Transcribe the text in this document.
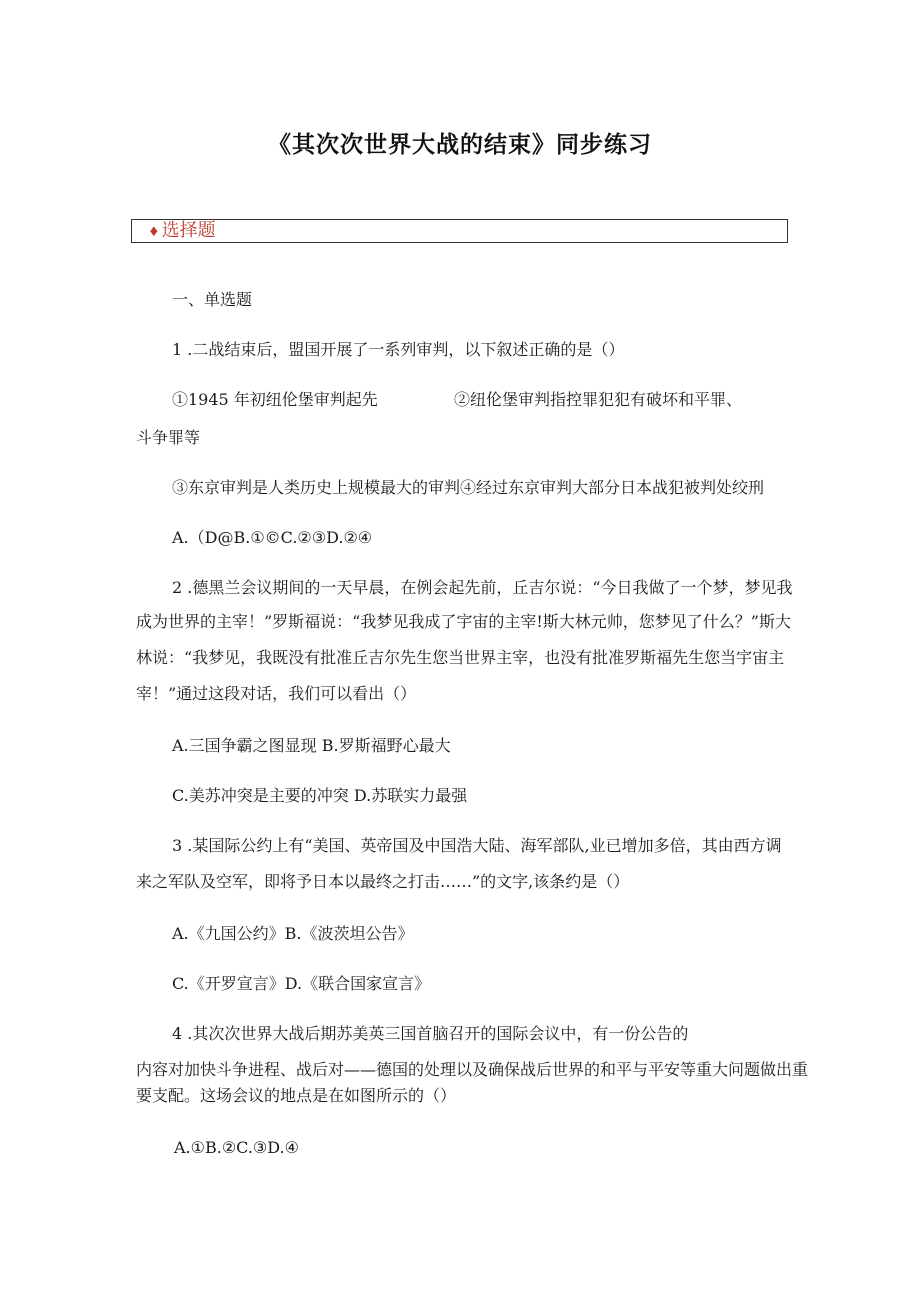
《其次次世界大战的结束》同步练习
♦ 选择题
一、单选题
1 .二战结束后，盟国开展了一系列审判，以下叙述正确的是（）
①1945 年初纽伦堡审判起先	②纽伦堡审判指控罪犯犯有破坏和平罪、
斗争罪等
③东京审判是人类历史上规模最大的审判④经过东京审判大部分日本战犯被判处绞刑
A.（D@B.①©C.②③D.②④
2 .德黑兰会议期间的一天早晨，在例会起先前，丘吉尔说：“今日我做了一个梦，梦见我
成为世界的主宰！”罗斯福说：“我梦见我成了宇宙的主宰!斯大林元帅，您梦见了什么？”斯大
林说：“我梦见，我既没有批准丘吉尔先生您当世界主宰，也没有批准罗斯福先生您当宇宙主
宰！”通过这段对话，我们可以看出（）
A.三国争霸之图显现 B.罗斯福野心最大
C.美苏冲突是主要的冲突 D.苏联实力最强
3 .某国际公约上有“美国、英帝国及中国浩大陆、海军部队,业已增加多倍，其由西方调
来之军队及空军，即将予日本以最终之打击……”的文字,该条约是（）
A.《九国公约》B.《波茨坦公告》
C.《开罗宣言》D.《联合国家宣言》
4 .其次次世界大战后期苏美英三国首脑召开的国际会议中，有一份公告的
内容对加快斗争进程、战后对——德国的处理以及确保战后世界的和平与平安等重大问题做出重
要支配。这场会议的地点是在如图所示的（）
A.①B.②C.③D.④
